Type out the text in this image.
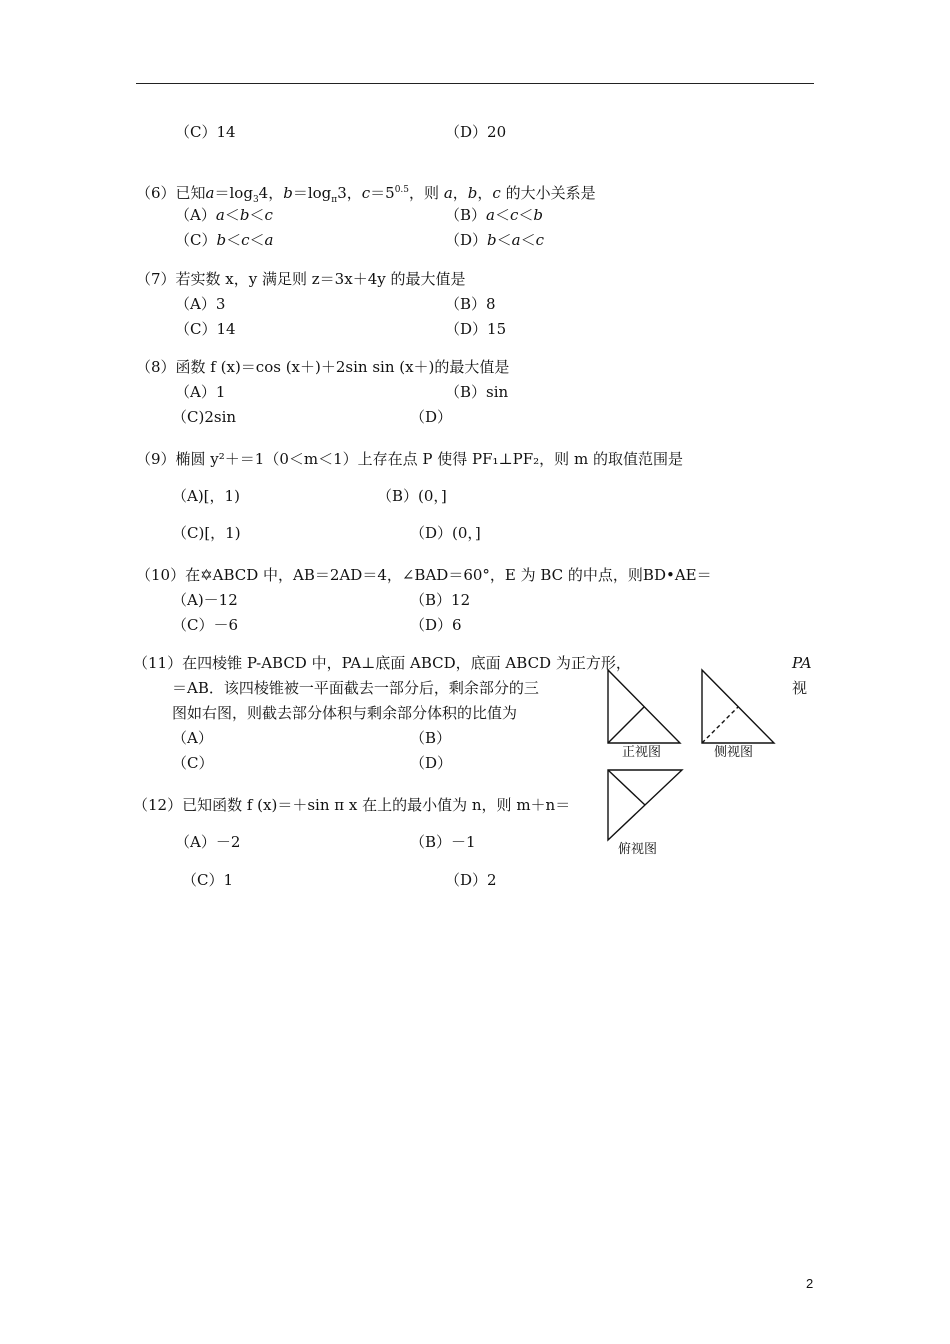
（C）14	（D）20
（6）已知$a=\log_34$，$b=\log_\pi 3$，$c=5^{0.5}$，则 a，b，c 的大小关系是
（A）a＜b＜c	（B）a＜c＜b
（C）b＜c＜a	（D）b＜a＜c
（7）若实数 x，y 满足则 z＝3x＋4y 的最大值是
（A）3	（B）8
（C）14	（D）15
（8）函数 f (x)＝cos (x＋)＋2sin sin (x＋)的最大值是
（A）1	（B）sin
（C)2sin	（D）
（9）椭圆 y²＋＝1（0＜m＜1）上存在点 P 使得 PF₁⊥PF₂，则 m 的取值范围是
（A)[，1)	（B）(0，]
（C)[，1)	（D）(0，]
（10）在✡ABCD 中，AB＝2AD＝4，∠BAD＝60°，E 为 BC 的中点，则BD•AE＝
（A)－12	（B）12
（C）－6	（D）6
（11）在四棱锥 P-ABCD 中，PA⊥底面 ABCD，底面 ABCD 为正方形，	PA
＝AB．该四棱锥被一平面截去一部分后，剩余部分的三	视
图如右图，则截去部分体积与剩余部分体积的比值为
（A）	（B）
（C）	（D）
正视图	侧视图
俯视图
（12）已知函数 f (x)＝＋sin π x 在上的最小值为 n，则 m＋n＝
（A）－2	（B）－1
（C）1	（D）2
2
